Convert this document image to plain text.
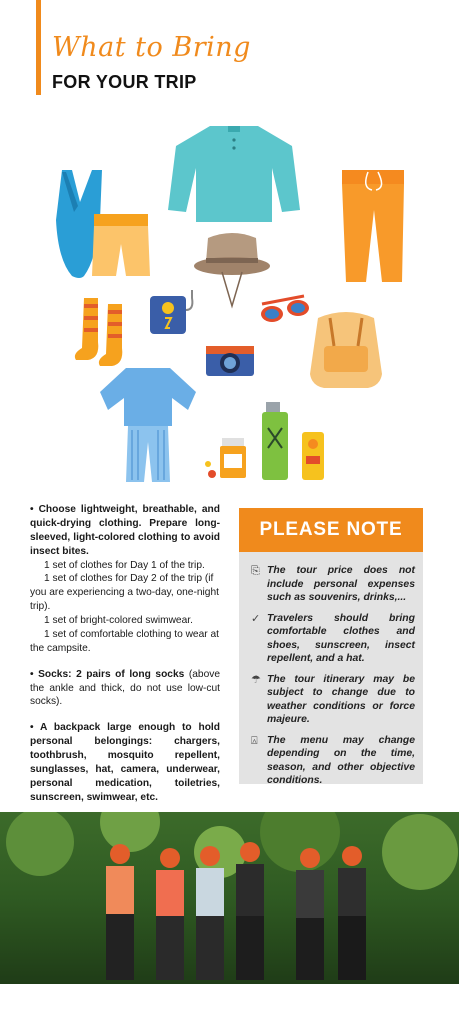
What to Bring
FOR YOUR TRIP
• Choose lightweight, breathable, and quick-drying clothing. Prepare long-sleeved, light-colored clothing to avoid insect bites.
1 set of clothes for Day 1 of the trip.
1 set of clothes for Day 2 of the trip (if you are experiencing a two-day, one-night trip).
1 set of bright-colored swimwear.
1 set of comfortable clothing to wear at the campsite.
• Socks: 2 pairs of long socks (above the ankle and thick, do not use low-cut socks).
• A backpack large enough to hold personal belongings: chargers, toothbrush, mosquito repellent, sunglasses, hat, camera, underwear, personal medication, toiletries, sunscreen, swimwear, etc.
PLEASE NOTE
⎘ The tour price does not include personal expenses such as souvenirs, drinks,...
✓ Travelers should bring comfortable clothes and shoes, sunscreen, insect repellent, and a hat.
☂ The tour itinerary may be subject to change due to weather conditions or force majeure.
⍓ The menu may change depending on the time, season, and other objective conditions.
